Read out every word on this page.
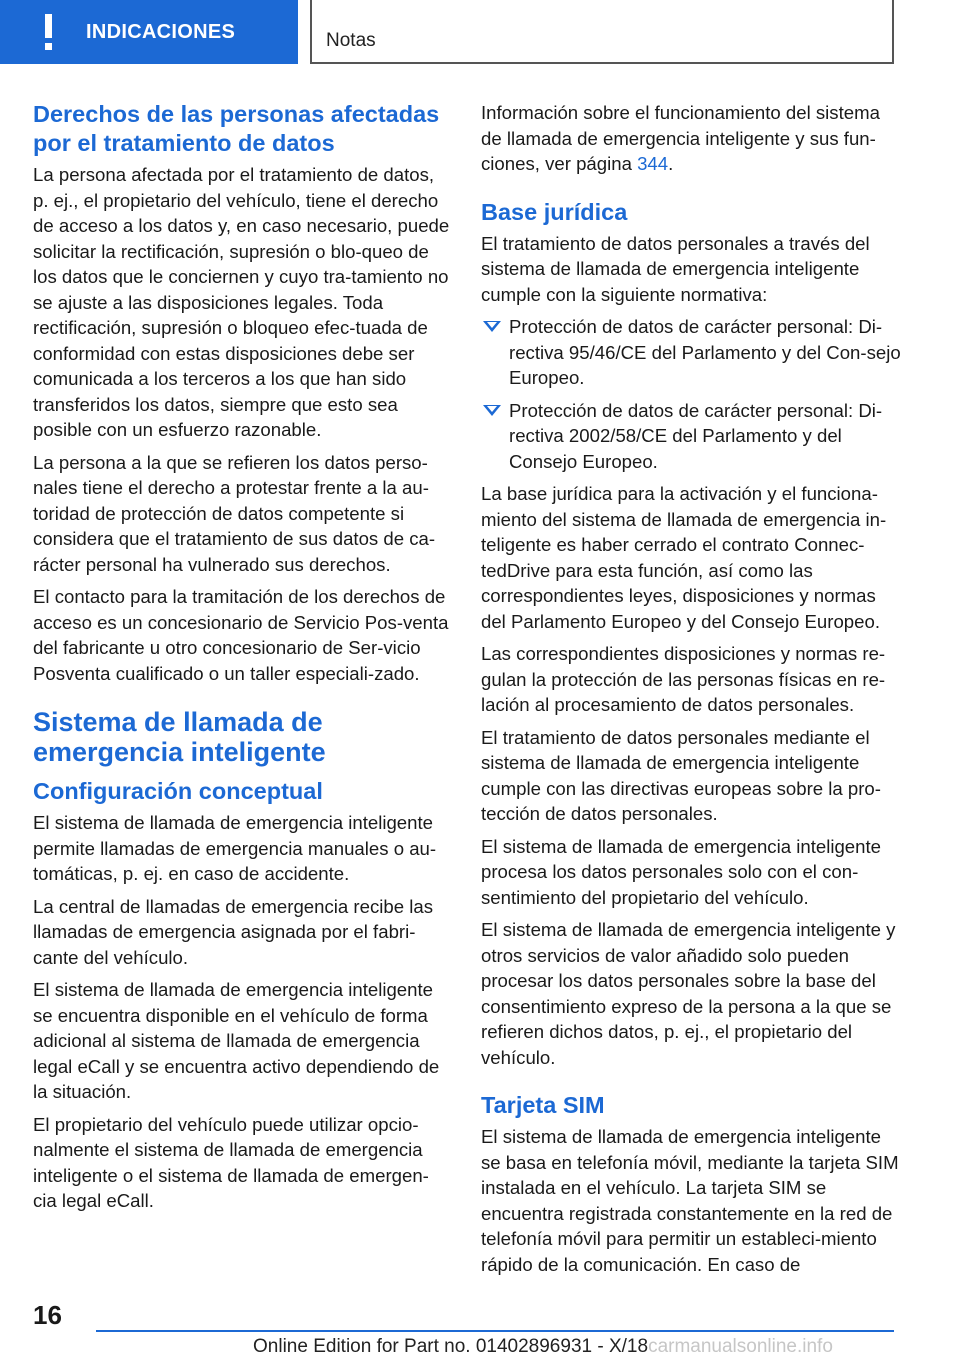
INDICACIONES	Notas
Derechos de las personas afectadas por el tratamiento de datos

La persona afectada por el tratamiento de datos, p. ej., el propietario del vehículo, tiene el derecho de acceso a los datos y, en caso necesario, puede solicitar la rectificación, supresión o blo‐queo de los datos que le conciernen y cuyo tra‐tamiento no se ajuste a las disposiciones legales. Toda rectificación, supresión o bloqueo efec‐tuada de conformidad con estas disposiciones debe ser comunicada a los terceros a los que han sido transferidos los datos, siempre que esto sea posible con un esfuerzo razonable.

La persona a la que se refieren los datos perso‐nales tiene el derecho a protestar frente a la au‐toridad de protección de datos competente si considera que el tratamiento de sus datos de ca‐rácter personal ha vulnerado sus derechos.

El contacto para la tramitación de los derechos de acceso es un concesionario de Servicio Pos‐venta del fabricante u otro concesionario de Ser‐vicio Posventa cualificado o un taller especiali‐zado.

Sistema de llamada de emergencia inteligente
Configuración conceptual

El sistema de llamada de emergencia inteligente permite llamadas de emergencia manuales o au‐tomáticas, p. ej. en caso de accidente.

La central de llamadas de emergencia recibe las llamadas de emergencia asignada por el fabri‐cante del vehículo.

El sistema de llamada de emergencia inteligente se encuentra disponible en el vehículo de forma adicional al sistema de llamada de emergencia legal eCall y se encuentra activo dependiendo de la situación.

El propietario del vehículo puede utilizar opcio‐nalmente el sistema de llamada de emergencia inteligente o el sistema de llamada de emergen‐cia legal eCall.

Información sobre el funcionamiento del sistema de llamada de emergencia inteligente y sus fun‐ciones, ver página 344.

Base jurídica

El tratamiento de datos personales a través del sistema de llamada de emergencia inteligente cumple con la siguiente normativa:

Protección de datos de carácter personal: Di‐rectiva 95/46/CE del Parlamento y del Con‐sejo Europeo.
Protección de datos de carácter personal: Di‐rectiva 2002/58/CE del Parlamento y del Consejo Europeo.

La base jurídica para la activación y el funciona‐miento del sistema de llamada de emergencia in‐teligente es haber cerrado el contrato Connec‐tedDrive para esta función, así como las correspondientes leyes, disposiciones y normas del Parlamento Europeo y del Consejo Europeo.

Las correspondientes disposiciones y normas re‐gulan la protección de las personas físicas en re‐lación al procesamiento de datos personales.

El tratamiento de datos personales mediante el sistema de llamada de emergencia inteligente cumple con las directivas europeas sobre la pro‐tección de datos personales.

El sistema de llamada de emergencia inteligente procesa los datos personales solo con el con‐sentimiento del propietario del vehículo.

El sistema de llamada de emergencia inteligente y otros servicios de valor añadido solo pueden procesar los datos personales sobre la base del consentimiento expreso de la persona a la que se refieren dichos datos, p. ej., el propietario del vehículo.

Tarjeta SIM

El sistema de llamada de emergencia inteligente se basa en telefonía móvil, mediante la tarjeta SIM instalada en el vehículo. La tarjeta SIM se encuentra registrada constantemente en la red de telefonía móvil para permitir un estableci‐miento rápido de la comunicación. En caso de

16
Online Edition for Part no. 01402896931 - X/18carmanualsonline.info
